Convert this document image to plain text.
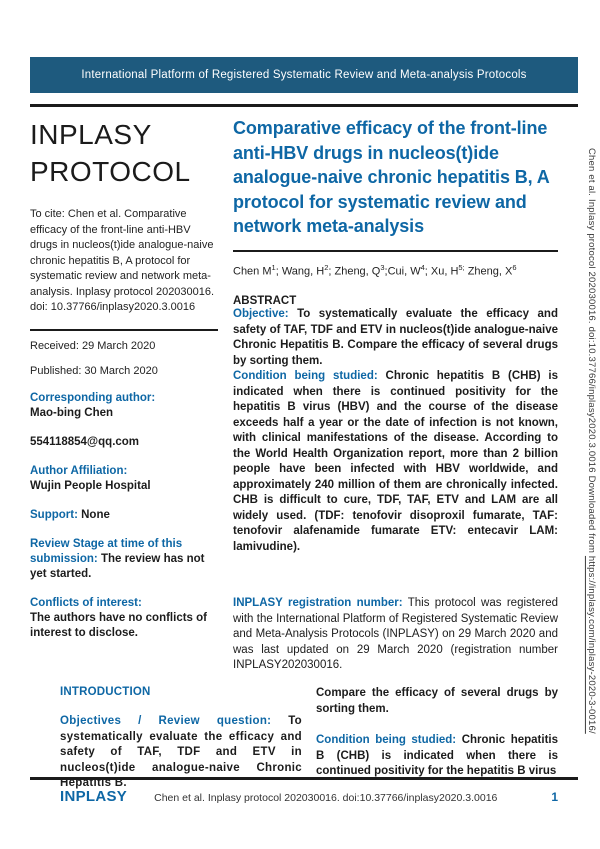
International Platform of Registered Systematic Review and Meta-analysis Protocols
INPLASY
PROTOCOL

To cite: Chen et al. Comparative efficacy of the front-line anti-HBV drugs in nucleos(t)ide analogue-naive chronic hepatitis B, A protocol for systematic review and network meta-analysis. Inplasy protocol 202030016. doi: 10.37766/inplasy2020.3.0016

Received: 29 March 2020

Published: 30 March 2020

Corresponding author:
Mao-bing Chen
554118854@qq.com
Author Affiliation:
Wujin People Hospital
Support: None
Review Stage at time of this submission: The review has not yet started.
Conflicts of interest:
The authors have no conflicts of interest to disclose.
Comparative efficacy of the front-line anti-HBV drugs in nucleos(t)ide analogue-naive chronic hepatitis B, A protocol for systematic review and network meta-analysis

Chen $M^1$; Wang, $H^2$; Zheng, $Q^3;Cui$, $W^4$; Xu, $H^{5;}$ Zheng, $X^6$

ABSTRACT

Objective: To systematically evaluate the efficacy and safety of TAF, TDF and ETV in nucleos(t)ide analogue-naive Chronic Hepatitis B. Compare the efficacy of several drugs by sorting them.

Condition being studied: Chronic hepatitis B (CHB) is indicated when there is continued positivity for the hepatitis B virus (HBV) and the course of the disease exceeds half a year or the date of infection is not known, with clinical manifestations of the disease. According to the World Health Organization report, more than 2 billion people have been infected with HBV worldwide, and approximately 240 million of them are chronically infected. CHB is difficult to cure, TDF, TAF, ETV and LAM are all widely used. (TDF: tenofovir disoproxil fumarate, TAF: tenofovir alafenamide fumarate ETV: entecavir LAM: lamivudine).

INPLASY registration number: This protocol was registered with the International Platform of Registered Systematic Review and Meta-Analysis Protocols (INPLASY) on 29 March 2020 and was last updated on 29 March 2020 (registration number INPLASY202030016.

INTRODUCTION

Objectives / Review question: To systematically evaluate the efficacy and safety of TAF, TDF and ETV in nucleos(t)ide analogue-naive Chronic Hepatitis B.

Compare the efficacy of several drugs by sorting them.

Condition being studied: Chronic hepatitis B (CHB) is indicated when there is continued positivity for the hepatitis B virus

INPLASY	Chen et al. Inplasy protocol 202030016. doi:10.37766/inplasy2020.3.0016	1
Chen et al. Inplasy protocol 202030016. doi:10.37766/inplasy2020.3.0016 Downloaded from https://inplasy.com/inplasy-2020-3-0016/
